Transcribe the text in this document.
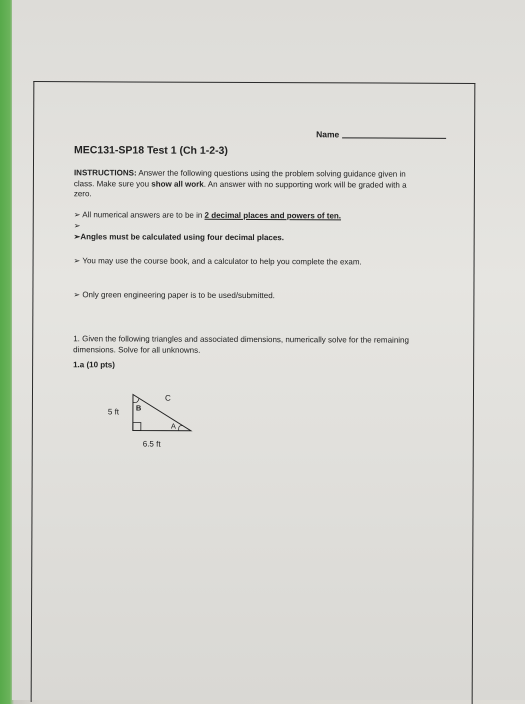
Name
MEC131-SP18 Test 1 (Ch 1-2-3)
INSTRUCTIONS: Answer the following questions using the problem solving guidance given in class. Make sure you show all work. An answer with no supporting work will be graded with a zero.
➢ All numerical answers are to be in 2 decimal places and powers of ten.
➢
➢Angles must be calculated using four decimal places.
➢ You may use the course book, and a calculator to help you complete the exam.
➢ Only green engineering paper is to be used/submitted.
1. Given the following triangles and associated dimensions, numerically solve for the remaining dimensions. Solve for all unknowns.
1.a (10 pts)
5 ft
C
B
A
6.5 ft
